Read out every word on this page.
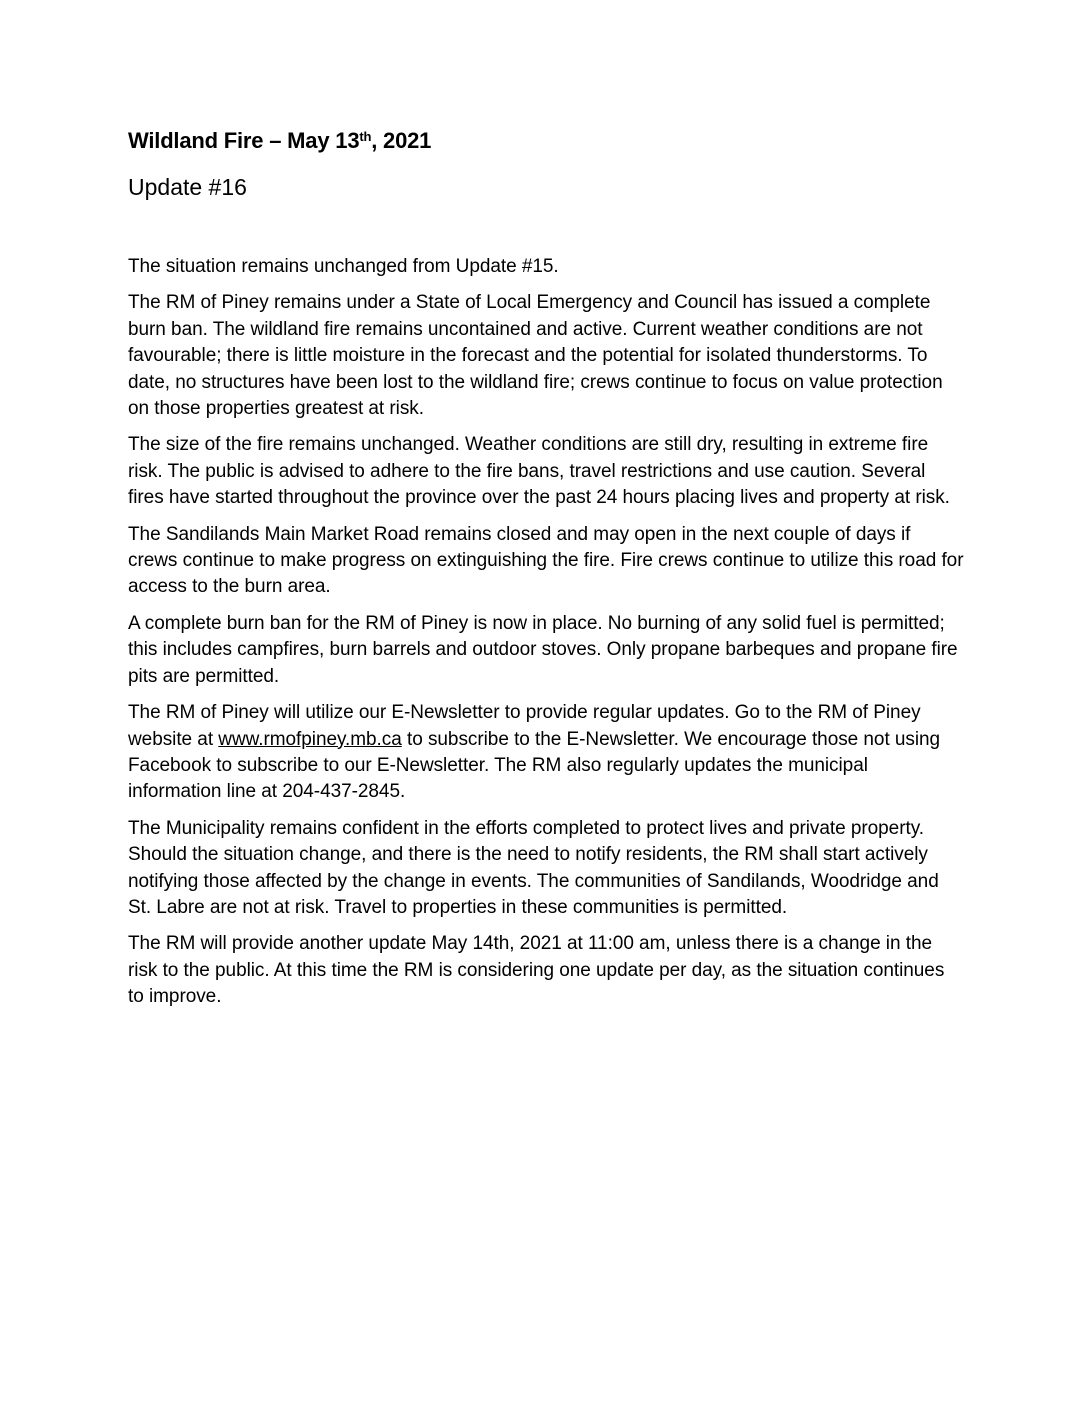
Wildland Fire – May 13th, 2021
Update #16

The situation remains unchanged from Update #15.

The RM of Piney remains under a State of Local Emergency and Council has issued a complete burn ban. The wildland fire remains uncontained and active. Current weather conditions are not favourable; there is little moisture in the forecast and the potential for isolated thunderstorms. To date, no structures have been lost to the wildland fire; crews continue to focus on value protection on those properties greatest at risk.

The size of the fire remains unchanged. Weather conditions are still dry, resulting in extreme fire risk. The public is advised to adhere to the fire bans, travel restrictions and use caution. Several fires have started throughout the province over the past 24 hours placing lives and property at risk.

The Sandilands Main Market Road remains closed and may open in the next couple of days if crews continue to make progress on extinguishing the fire. Fire crews continue to utilize this road for access to the burn area.

A complete burn ban for the RM of Piney is now in place. No burning of any solid fuel is permitted; this includes campfires, burn barrels and outdoor stoves. Only propane barbeques and propane fire pits are permitted.

The RM of Piney will utilize our E-Newsletter to provide regular updates. Go to the RM of Piney website at www.rmofpiney.mb.ca to subscribe to the E-Newsletter. We encourage those not using Facebook to subscribe to our E-Newsletter. The RM also regularly updates the municipal information line at 204-437-2845.

The Municipality remains confident in the efforts completed to protect lives and private property. Should the situation change, and there is the need to notify residents, the RM shall start actively notifying those affected by the change in events. The communities of Sandilands, Woodridge and St. Labre are not at risk. Travel to properties in these communities is permitted.

The RM will provide another update May 14th, 2021 at 11:00 am, unless there is a change in the risk to the public. At this time the RM is considering one update per day, as the situation continues to improve.
